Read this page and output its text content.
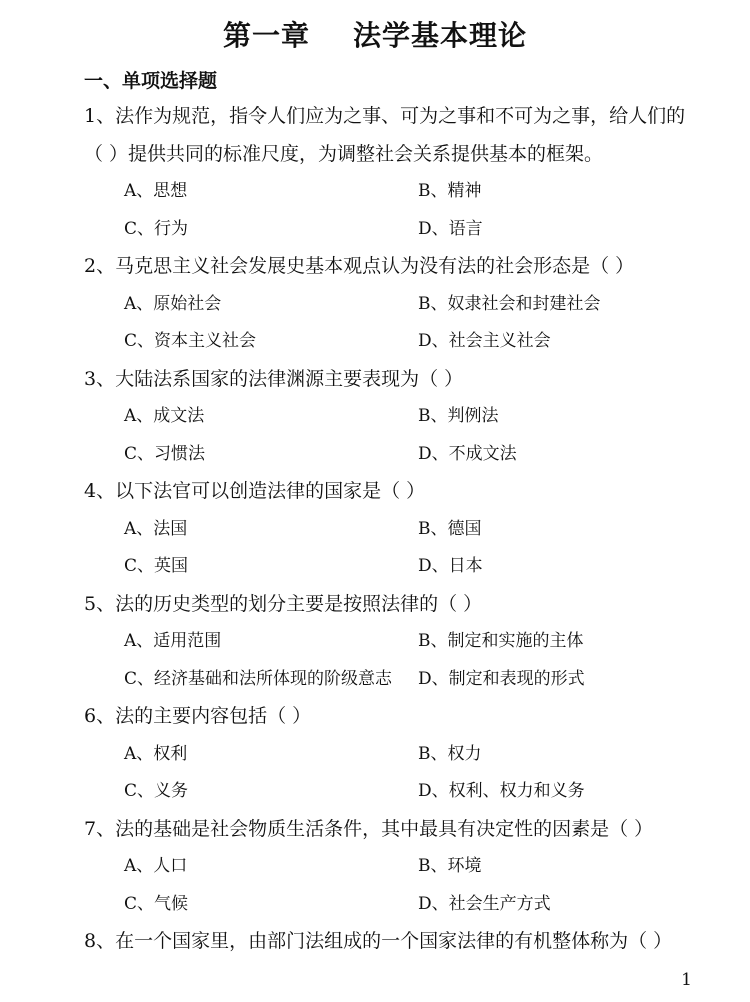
第一章    法学基本理论
一、单项选择题

1、法作为规范，指令人们应为之事、可为之事和不可为之事，给人们的（ ）提供共同的标准尺度，为调整社会关系提供基本的框架。

A、思想	B、精神
C、行为	D、语言

2、马克思主义社会发展史基本观点认为没有法的社会形态是（ ）

A、原始社会	B、奴隶社会和封建社会
C、资本主义社会	D、社会主义社会

3、大陆法系国家的法律渊源主要表现为（ ）

A、成文法	B、判例法
C、习惯法	D、不成文法

4、以下法官可以创造法律的国家是（ ）

A、法国	B、德国
C、英国	D、日本

5、法的历史类型的划分主要是按照法律的（ ）

A、适用范围	B、制定和实施的主体
C、经济基础和法所体现的阶级意志	D、制定和表现的形式

6、法的主要内容包括（ ）

A、权利	B、权力
C、义务	D、权利、权力和义务

7、法的基础是社会物质生活条件，其中最具有决定性的因素是（ ）

A、人口	B、环境
C、气候	D、社会生产方式

8、在一个国家里，由部门法组成的一个国家法律的有机整体称为（ ）

1
